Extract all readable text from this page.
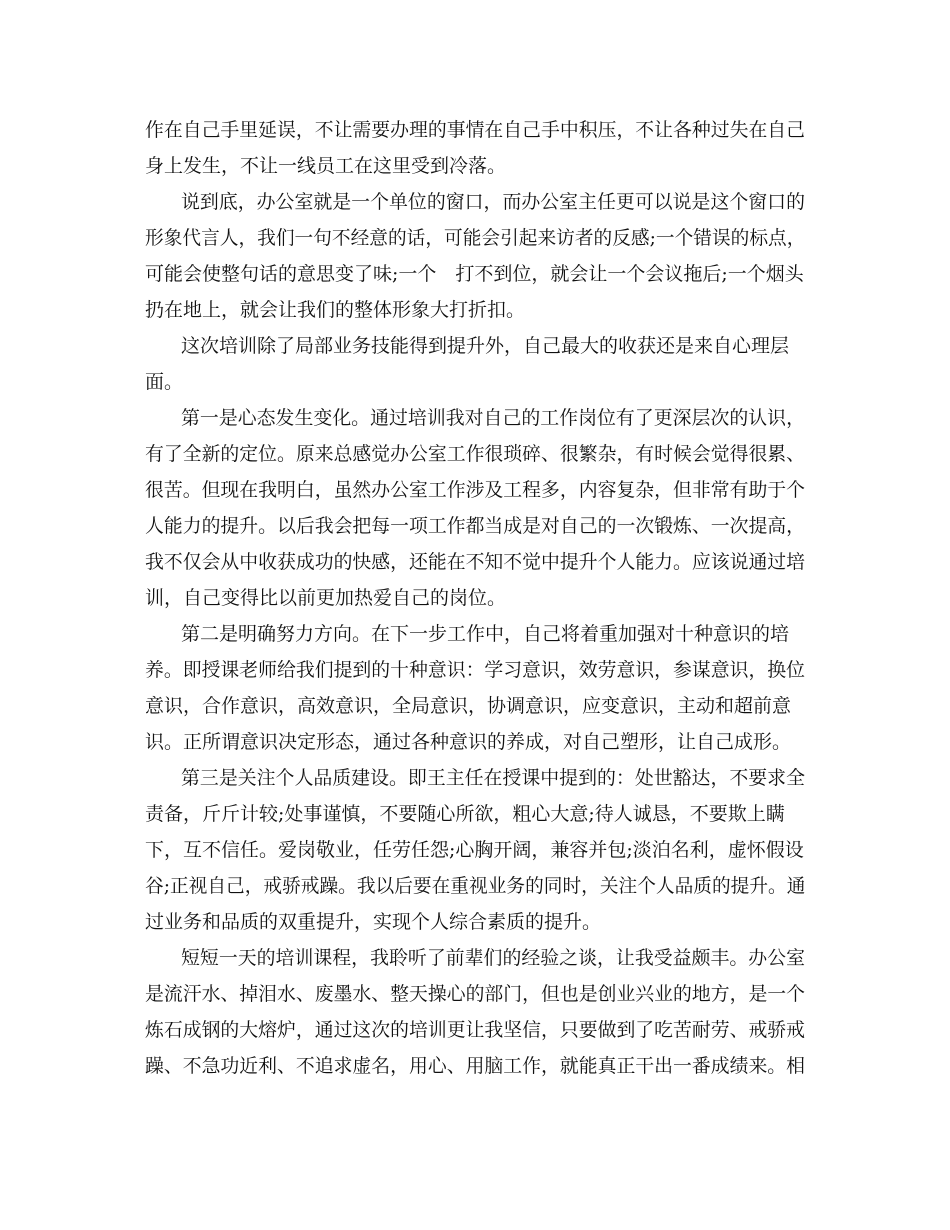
作在自己手里延误，不让需要办理的事情在自己手中积压，不让各种过失在自己
身上发生，不让一线员工在这里受到冷落。
说到底，办公室就是一个单位的窗口，而办公室主任更可以说是这个窗口的
形象代言人，我们一句不经意的话，可能会引起来访者的反感;一个错误的标点，
可能会使整句话的意思变了味;一个　打不到位，就会让一个会议拖后;一个烟头
扔在地上，就会让我们的整体形象大打折扣。
这次培训除了局部业务技能得到提升外，自己最大的收获还是来自心理层
面。
第一是心态发生变化。通过培训我对自己的工作岗位有了更深层次的认识，
有了全新的定位。原来总感觉办公室工作很琐碎、很繁杂，有时候会觉得很累、
很苦。但现在我明白，虽然办公室工作涉及工程多，内容复杂，但非常有助于个
人能力的提升。以后我会把每一项工作都当成是对自己的一次锻炼、一次提高，
我不仅会从中收获成功的快感，还能在不知不觉中提升个人能力。应该说通过培
训，自己变得比以前更加热爱自己的岗位。
第二是明确努力方向。在下一步工作中，自己将着重加强对十种意识的培
养。即授课老师给我们提到的十种意识：学习意识，效劳意识，参谋意识，换位
意识，合作意识，高效意识，全局意识，协调意识，应变意识，主动和超前意
识。正所谓意识决定形态，通过各种意识的养成，对自己塑形，让自己成形。
第三是关注个人品质建设。即王主任在授课中提到的：处世豁达，不要求全
责备，斤斤计较;处事谨慎，不要随心所欲，粗心大意;待人诚恳，不要欺上瞒
下，互不信任。爱岗敬业，任劳任怨;心胸开阔，兼容并包;淡泊名利，虚怀假设
谷;正视自己，戒骄戒躁。我以后要在重视业务的同时，关注个人品质的提升。通
过业务和品质的双重提升，实现个人综合素质的提升。
短短一天的培训课程，我聆听了前辈们的经验之谈，让我受益颇丰。办公室
是流汗水、掉泪水、废墨水、整天操心的部门，但也是创业兴业的地方，是一个
炼石成钢的大熔炉，通过这次的培训更让我坚信，只要做到了吃苦耐劳、戒骄戒
躁、不急功近利、不追求虚名，用心、用脑工作，就能真正干出一番成绩来。相
